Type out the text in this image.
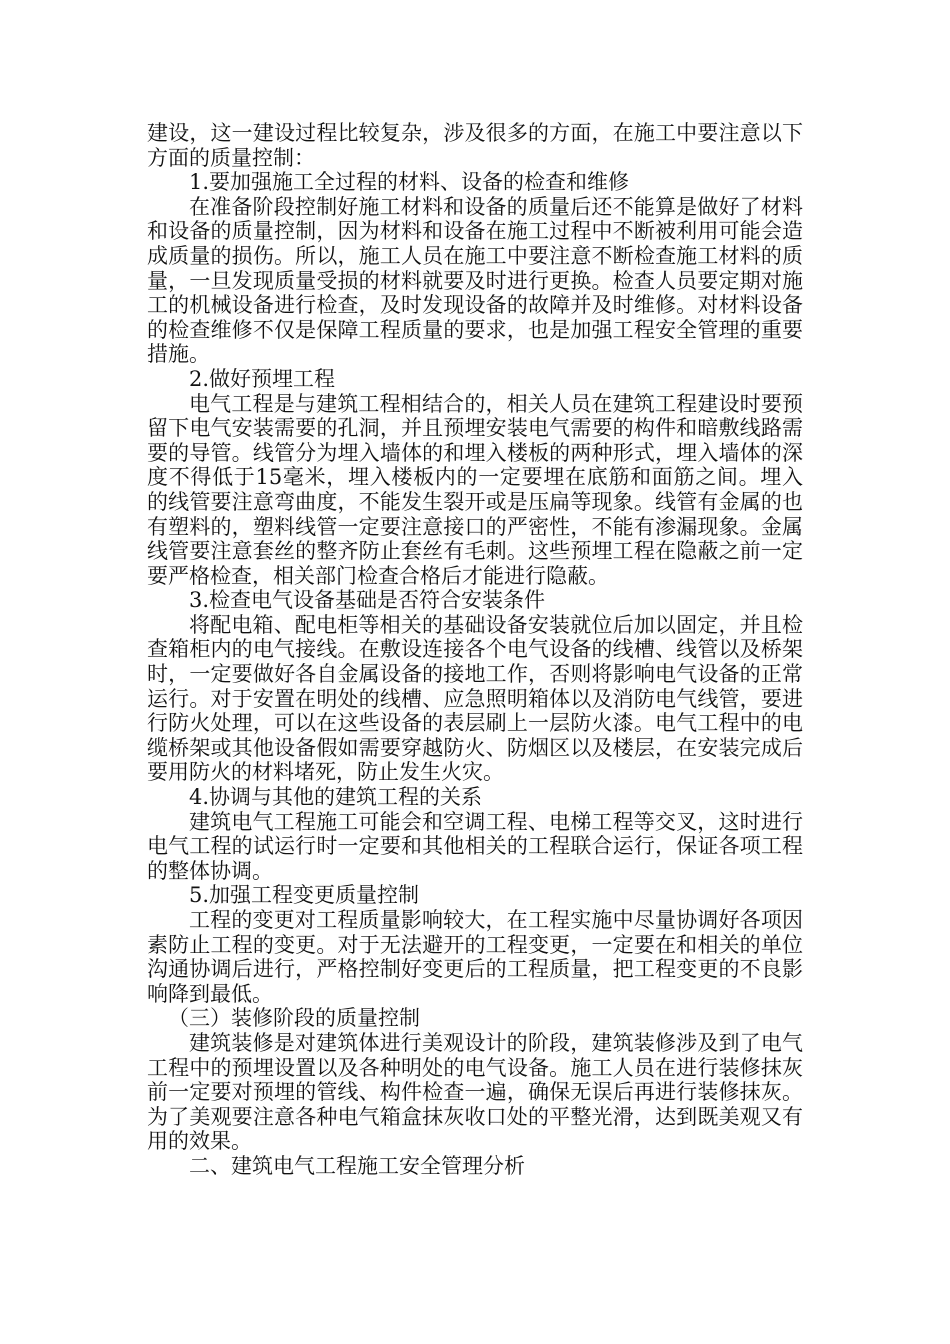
建设，这一建设过程比较复杂，涉及很多的方面，在施工中要注意以下方面的质量控制：

1.要加强施工全过程的材料、设备的检查和维修

在准备阶段控制好施工材料和设备的质量后还不能算是做好了材料和设备的质量控制，因为材料和设备在施工过程中不断被利用可能会造成质量的损伤。所以，施工人员在施工中要注意不断检查施工材料的质量，一旦发现质量受损的材料就要及时进行更换。检查人员要定期对施工的机械设备进行检查，及时发现设备的故障并及时维修。对材料设备的检查维修不仅是保障工程质量的要求，也是加强工程安全管理的重要措施。

2.做好预埋工程

电气工程是与建筑工程相结合的，相关人员在建筑工程建设时要预留下电气安装需要的孔洞，并且预埋安装电气需要的构件和暗敷线路需要的导管。线管分为埋入墙体的和埋入楼板的两种形式，埋入墙体的深度不得低于15毫米，埋入楼板内的一定要埋在底筋和面筋之间。埋入的线管要注意弯曲度，不能发生裂开或是压扁等现象。线管有金属的也有塑料的，塑料线管一定要注意接口的严密性，不能有渗漏现象。金属线管要注意套丝的整齐防止套丝有毛刺。这些预埋工程在隐蔽之前一定要严格检查，相关部门检查合格后才能进行隐蔽。

3.检查电气设备基础是否符合安装条件

将配电箱、配电柜等相关的基础设备安装就位后加以固定，并且检查箱柜内的电气接线。在敷设连接各个电气设备的线槽、线管以及桥架时，一定要做好各自金属设备的接地工作，否则将影响电气设备的正常运行。对于安置在明处的线槽、应急照明箱体以及消防电气线管，要进行防火处理，可以在这些设备的表层刷上一层防火漆。电气工程中的电缆桥架或其他设备假如需要穿越防火、防烟区以及楼层，在安装完成后要用防火的材料堵死，防止发生火灾。

4.协调与其他的建筑工程的关系

建筑电气工程施工可能会和空调工程、电梯工程等交叉，这时进行电气工程的试运行时一定要和其他相关的工程联合运行，保证各项工程的整体协调。

5.加强工程变更质量控制

工程的变更对工程质量影响较大，在工程实施中尽量协调好各项因素防止工程的变更。对于无法避开的工程变更，一定要在和相关的单位沟通协调后进行，严格控制好变更后的工程质量，把工程变更的不良影响降到最低。

（三）装修阶段的质量控制

建筑装修是对建筑体进行美观设计的阶段，建筑装修涉及到了电气工程中的预埋设置以及各种明处的电气设备。施工人员在进行装修抹灰前一定要对预埋的管线、构件检查一遍，确保无误后再进行装修抹灰。为了美观要注意各种电气箱盒抹灰收口处的平整光滑，达到既美观又有用的效果。

二、建筑电气工程施工安全管理分析
